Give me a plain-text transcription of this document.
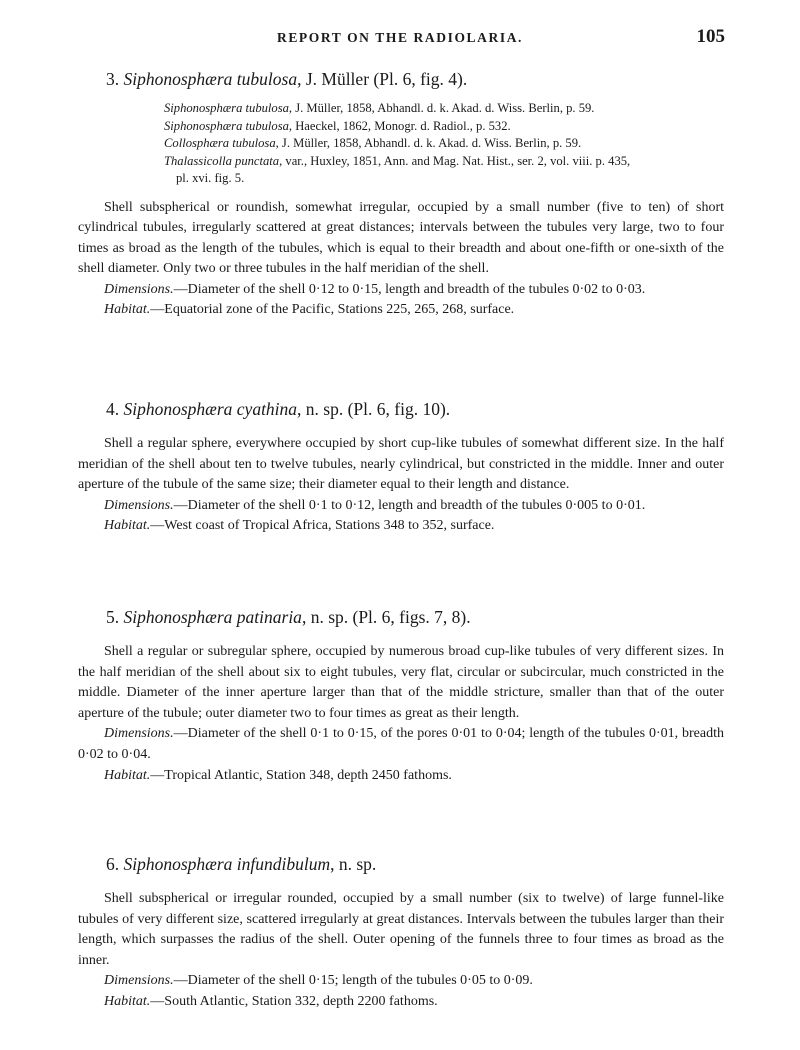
REPORT ON THE RADIOLARIA.	105
3. Siphonosphæra tubulosa, J. Müller (Pl. 6, fig. 4).
Siphonosphæra tubulosa, J. Müller, 1858, Abhandl. d. k. Akad. d. Wiss. Berlin, p. 59.
Siphonosphæra tubulosa, Haeckel, 1862, Monogr. d. Radiol., p. 532.
Collosphæra tubulosa, J. Müller, 1858, Abhandl. d. k. Akad. d. Wiss. Berlin, p. 59.
Thalassicolla punctata, var., Huxley, 1851, Ann. and Mag. Nat. Hist., ser. 2, vol. viii. p. 435,
pl. xvi. fig. 5.

Shell subspherical or roundish, somewhat irregular, occupied by a small number (five to ten) of short cylindrical tubules, irregularly scattered at great distances; intervals between the tubules very large, two to four times as broad as the length of the tubules, which is equal to their breadth and about one-fifth or one-sixth of the shell diameter. Only two or three tubules in the half meridian of the shell.

Dimensions.—Diameter of the shell 0·12 to 0·15, length and breadth of the tubules 0·02 to 0·03.

Habitat.—Equatorial zone of the Pacific, Stations 225, 265, 268, surface.

4. Siphonosphæra cyathina, n. sp. (Pl. 6, fig. 10).

Shell a regular sphere, everywhere occupied by short cup-like tubules of somewhat different size. In the half meridian of the shell about ten to twelve tubules, nearly cylindrical, but constricted in the middle. Inner and outer aperture of the tubule of the same size; their diameter equal to their length and distance.

Dimensions.—Diameter of the shell 0·1 to 0·12, length and breadth of the tubules 0·005 to 0·01.

Habitat.—West coast of Tropical Africa, Stations 348 to 352, surface.

5. Siphonosphæra patinaria, n. sp. (Pl. 6, figs. 7, 8).

Shell a regular or subregular sphere, occupied by numerous broad cup-like tubules of very different sizes. In the half meridian of the shell about six to eight tubules, very flat, circular or subcircular, much constricted in the middle. Diameter of the inner aperture larger than that of the middle stricture, smaller than that of the outer aperture of the tubule; outer diameter two to four times as great as their length.

Dimensions.—Diameter of the shell 0·1 to 0·15, of the pores 0·01 to 0·04; length of the tubules 0·01, breadth 0·02 to 0·04.

Habitat.—Tropical Atlantic, Station 348, depth 2450 fathoms.

6. Siphonosphæra infundibulum, n. sp.

Shell subspherical or irregular rounded, occupied by a small number (six to twelve) of large funnel-like tubules of very different size, scattered irregularly at great distances. Intervals between the tubules larger than their length, which surpasses the radius of the shell. Outer opening of the funnels three to four times as broad as the inner.

Dimensions.—Diameter of the shell 0·15; length of the tubules 0·05 to 0·09.

Habitat.—South Atlantic, Station 332, depth 2200 fathoms.
